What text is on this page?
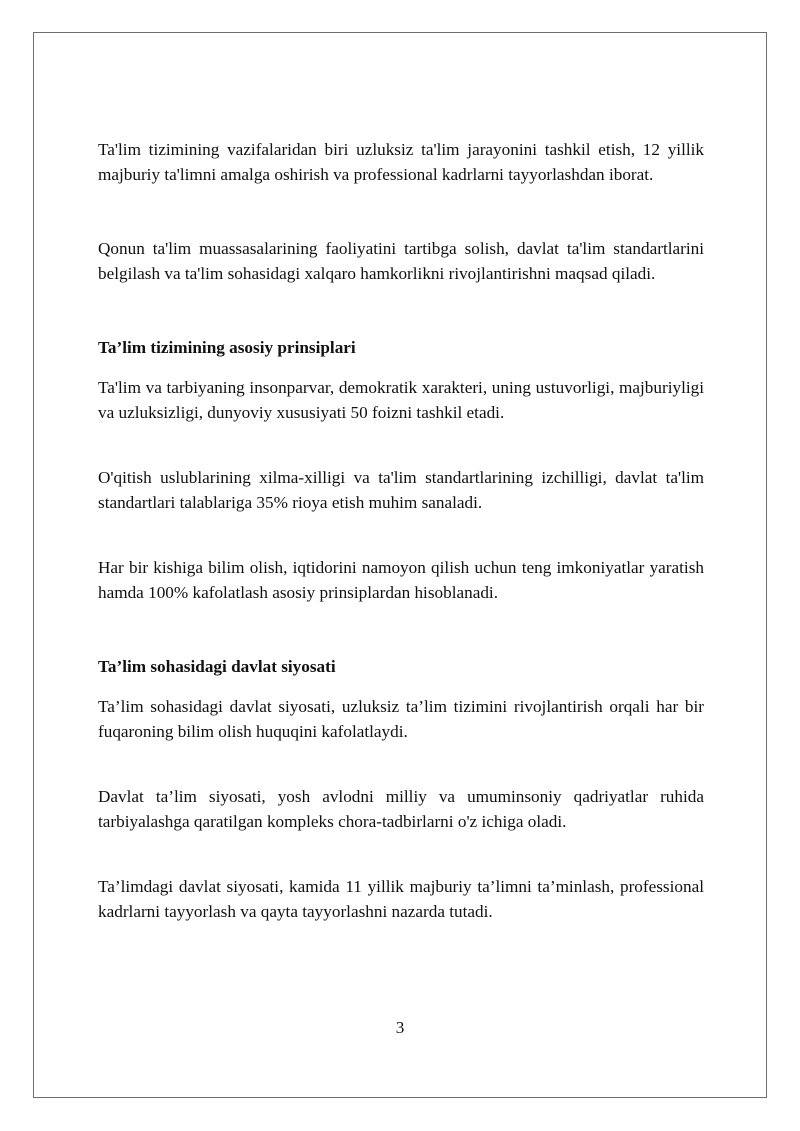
Ta'lim tizimining vazifalaridan biri uzluksiz ta'lim jarayonini tashkil etish, 12 yillik majburiy ta'limni amalga oshirish va professional kadrlarni tayyorlashdan iborat.

Qonun ta'lim muassasalarining faoliyatini tartibga solish, davlat ta'lim standartlarini belgilash va ta'lim sohasidagi xalqaro hamkorlikni rivojlantirishni maqsad qiladi.

Ta’lim tizimining asosiy prinsiplari

Ta'lim va tarbiyaning insonparvar, demokratik xarakteri, uning ustuvorligi, majburiyligi va uzluksizligi, dunyoviy xususiyati 50 foizni tashkil etadi.

O'qitish uslublarining xilma-xilligi va ta'lim standartlarining izchilligi, davlat ta'lim standartlari talablariga 35% rioya etish muhim sanaladi.

Har bir kishiga bilim olish, iqtidorini namoyon qilish uchun teng imkoniyatlar yaratish hamda 100% kafolatlash asosiy prinsiplardan hisoblanadi.

Ta’lim sohasidagi davlat siyosati

Ta’lim sohasidagi davlat siyosati, uzluksiz ta’lim tizimini rivojlantirish orqali har bir fuqaroning bilim olish huquqini kafolatlaydi.

Davlat ta’lim siyosati, yosh avlodni milliy va umuminsoniy qadriyatlar ruhida tarbiyalashga qaratilgan kompleks chora-tadbirlarni o'z ichiga oladi.

Ta’limdagi davlat siyosati, kamida 11 yillik majburiy ta’limni ta’minlash, professional kadrlarni tayyorlash va qayta tayyorlashni nazarda tutadi.

3
